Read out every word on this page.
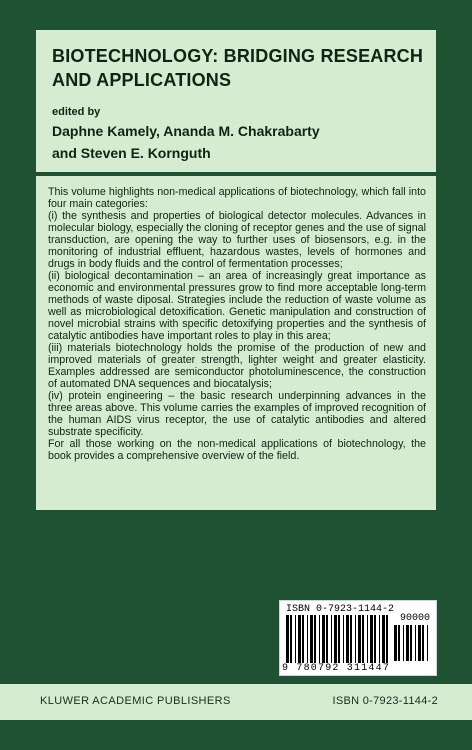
BIOTECHNOLOGY: BRIDGING RESEARCH AND APPLICATIONS

edited by

Daphne Kamely, Ananda M. Chakrabarty
and Steven E. Kornguth

This volume highlights non-medical applications of biotechnology, which fall into four main categories:

(i) the synthesis and properties of biological detector molecules. Advances in molecular biology, especially the cloning of receptor genes and the use of signal transduction, are opening the way to further uses of biosensors, e.g. in the monitoring of industrial effluent, hazardous wastes, levels of hormones and drugs in body fluids and the control of fermentation processes;

(ii) biological decontamination – an area of increasingly great importance as economic and environmental pressures grow to find more acceptable long-term methods of waste diposal. Strategies include the reduction of waste volume as well as microbiological detoxification. Genetic manipulation and construction of novel microbial strains with specific detoxifying properties and the synthesis of catalytic antibodies have important roles to play in this area;

(iii) materials biotechnology holds the promise of the production of new and improved materials of greater strength, lighter weight and greater elasticity. Examples addressed are semiconductor photoluminescence, the construction of automated DNA sequences and biocatalysis;

(iv) protein engineering – the basic research underpinning advances in the three areas above. This volume carries the examples of improved recognition of the human AIDS virus receptor, the use of catalytic antibodies and altered substrate specificity.

For all those working on the non-medical applications of biotechnology, the book provides a comprehensive overview of the field.

ISBN 0-7923-1144-2
90000
9 780792 311447
KLUWER ACADEMIC PUBLISHERS	ISBN 0-7923-1144-2
